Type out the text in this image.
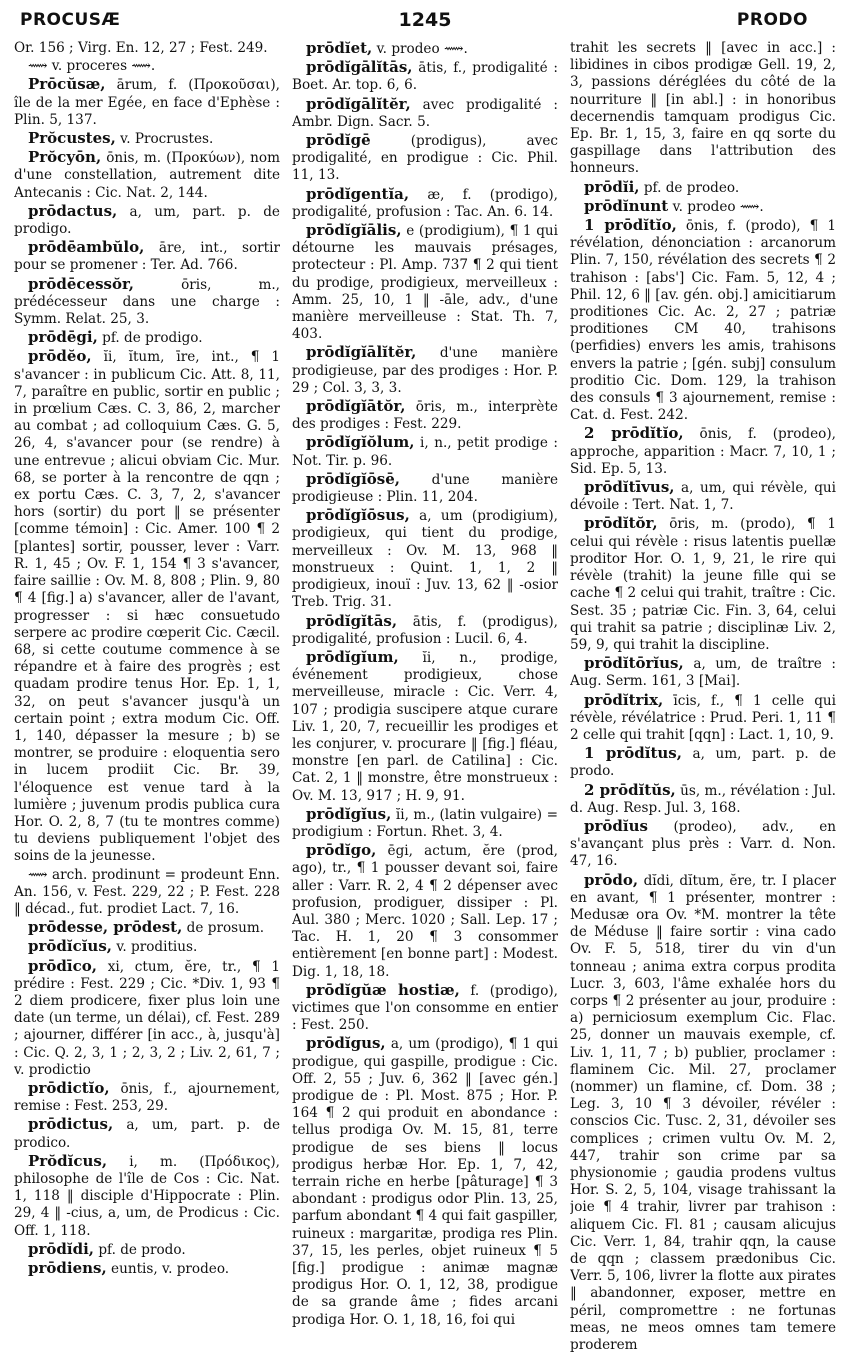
PROCUSÆ	1245	PRODO

Or. 156 ; Virg. En. 12, 27 ; Fest. 249.

⟿ v. proceres ⟿.

Prōcŭsæ, ārum, f. (Προκοῦσαι), île de la mer Egée, en face d'Ephèse : Plin. 5, 137.

Prŏcustes, v. Procrustes.

Prŏcyōn, ōnis, m. (Προκύων), nom d'une constellation, autrement dite Antecanis : Cic. Nat. 2, 144.

prōdactus, a, um, part. p. de prodigo.

prōdēambŭlo, āre, int., sortir pour se promener : Ter. Ad. 766.

prōdēcessŏr,	ōris, m., prédécesseur dans une charge : Symm. Relat. 25, 3.

prōdēgi, pf. de prodigo.

prōdĕo, ĭi, ĭtum, īre, int., ¶ 1 s'avancer : in publicum Cic. Att. 8, 11, 7, paraître en public, sortir en public ; in prœlium Cæs. C. 3, 86, 2, marcher au combat ; ad colloquium Cæs. G. 5, 26, 4, s'avancer pour (se rendre) à une entrevue ; alicui obviam Cic. Mur. 68, se porter à la rencontre de qqn ; ex portu Cæs. C. 3, 7, 2, s'avancer hors (sortir) du port ‖ se présenter [comme témoin] : Cic. Amer. 100 ¶ 2 [plantes] sortir, pousser, lever : Varr. R. 1, 45 ; Ov. F. 1, 154 ¶ 3 s'avancer, faire saillie : Ov. M. 8, 808 ; Plin. 9, 80 ¶ 4 [fig.] a) s'avancer, aller de l'avant, progresser : si hæc consuetudo serpere ac prodire cœperit Cic. Cæcil. 68, si cette coutume commence à se répandre et à faire des progrès ; est quadam prodire tenus Hor. Ep. 1, 1, 32, on peut s'avancer jusqu'à un certain point ; extra modum Cic. Off. 1, 140, dépasser la mesure ; b) se montrer, se produire : eloquentia sero in lucem prodiit Cic. Br. 39, l'éloquence est venue tard à la lumière ; juvenum prodis publica cura Hor. O. 2, 8, 7 (tu te montres comme) tu deviens publiquement l'objet des soins de la jeunesse.

⟿ arch. prodinunt = prodeunt Enn. An. 156, v. Fest. 229, 22 ; P. Fest. 228 ‖ décad., fut. prodiet Lact. 7, 16.

prōdesse, prōdest, de prosum.

prōdĭcĭus, v. proditius.

prōdīco, xi, ctum, ĕre, tr., ¶ 1 prédire : Fest. 229 ; Cic. *Div. 1, 93 ¶ 2 diem prodicere, fixer plus loin une date (un terme, un délai), cf. Fest. 289 ; ajourner, différer [in acc., à, jusqu'à] : Cic. Q. 2, 3, 1 ; 2, 3, 2 ; Liv. 2, 61, 7 ; v. prodictio

prōdictĭo, ōnis, f., ajournement, remise : Fest. 253, 29.

prōdictus, a, um, part. p. de prodico.

Prŏdĭcus, i, m. (Πρόδικος), philosophe de l'île de Cos : Cic. Nat. 1, 118 ‖ disciple d'Hippocrate : Plin. 29, 4 ‖ -cius, a, um, de Prodicus : Cic. Off. 1, 118.

prōdĭdi, pf. de prodo.

prōdiens, euntis, v. prodeo.

prōdĭet, v. prodeo ⟿.

prōdĭgālĭtās, ātis, f., prodigalité : Boet. Ar. top. 6, 6.

prōdĭgālĭtĕr, avec prodigalité : Ambr. Dign. Sacr. 5.

prōdĭgē	(prodigus), avec prodigalité, en prodigue : Cic. Phil. 11, 13.

prōdĭgentĭa, æ, f. (prodigo), prodigalité, profusion : Tac. An. 6. 14.

prōdĭgĭālis, e (prodigium), ¶ 1 qui détourne les mauvais présages, protecteur : Pl. Amp. 737 ¶ 2 qui tient du prodige, prodigieux, merveilleux : Amm. 25, 10, 1 ‖ -āle, adv., d'une manière merveilleuse : Stat. Th. 7, 403.

prōdĭgĭālĭtĕr, d'une manière prodigieuse, par des prodiges : Hor. P. 29 ; Col. 3, 3, 3.

prōdĭgĭātŏr, ōris, m., interprète des prodiges : Fest. 229.

prōdĭgĭŏlum, i, n., petit prodige : Not. Tir. p. 96.

prōdĭgĭōsē, d'une manière prodigieuse : Plin. 11, 204.

prōdĭgĭōsus, a, um (prodigium), prodigieux, qui tient du prodige, merveilleux : Ov. M. 13, 968 ‖ monstrueux : Quint. 1, 1, 2 ‖ prodigieux, inouï : Juv. 13, 62 ‖ -osior Treb. Trig. 31.

prōdĭgĭtās, ātis, f. (prodigus), prodigalité, profusion : Lucil. 6, 4.

prōdĭgĭum, ĭi, n., prodige, événement prodigieux, chose merveilleuse, miracle : Cic. Verr. 4, 107 ; prodigia suscipere atque curare Liv. 1, 20, 7, recueillir les prodiges et les conjurer, v. procurare ‖ [fig.] fléau, monstre [en parl. de Catilina] : Cic. Cat. 2, 1 ‖ monstre, être monstrueux : Ov. M. 13, 917 ; H. 9, 91.

prōdĭgĭus, ĭi, m., (latin vulgaire) = prodigium : Fortun. Rhet. 3, 4.

prōdĭgo, ēgi, actum, ĕre (prod, ago), tr., ¶ 1 pousser devant soi, faire aller : Varr. R. 2, 4 ¶ 2 dépenser avec profusion, prodiguer, dissiper : Pl. Aul. 380 ; Merc. 1020 ; Sall. Lep. 17 ; Tac. H. 1, 20 ¶ 3 consommer entièrement [en bonne part] : Modest. Dig. 1, 18, 18.

prōdĭgŭæ hostiæ, f. (prodigo), victimes que l'on consomme en entier : Fest. 250.

prōdĭgus, a, um (prodigo), ¶ 1 qui prodigue, qui gaspille, prodigue : Cic. Off. 2, 55 ; Juv. 6, 362 ‖ [avec gén.] prodigue de : Pl. Most. 875 ; Hor. P. 164 ¶ 2 qui produit en abondance : tellus prodiga Ov. M. 15, 81, terre prodigue de ses biens ‖ locus prodigus herbæ Hor. Ep. 1, 7, 42, terrain riche en herbe [pâturage] ¶ 3 abondant : prodigus odor Plin. 13, 25, parfum abondant ¶ 4 qui fait gaspiller, ruineux : margaritæ, prodiga res Plin. 37, 15, les perles, objet ruineux ¶ 5 [fig.] prodigue : animæ magnæ prodigus Hor. O. 1, 12, 38, prodigue de sa grande âme ; fides arcani prodiga Hor. O. 1, 18, 16, foi qui

trahit les secrets ‖ [avec in acc.] : libidines in cibos prodigæ Gell. 19, 2, 3, passions déréglées du côté de la nourriture ‖ [in abl.] : in honoribus decernendis tamquam prodigus Cic. Ep. Br. 1, 15, 3, faire en qq sorte du gaspillage dans l'attribution des honneurs.

prōdĭi, pf. de prodeo.

prōdĭnunt v. prodeo ⟿.

1 prōdĭtĭo, ōnis, f. (prodo), ¶ 1 révélation, dénonciation : arcanorum Plin. 7, 150, révélation des secrets ¶ 2 trahison : [abs'] Cic. Fam. 5, 12, 4 ; Phil. 12, 6 ‖ [av. gén. obj.] amicitiarum proditiones Cic. Ac. 2, 27 ; patriæ proditiones CM 40, trahisons (perfidies) envers les amis, trahisons envers la patrie ; [gén. subj] consulum proditio Cic. Dom. 129, la trahison des consuls ¶ 3 ajournement, remise : Cat. d. Fest. 242.

2 prōdĭtĭo, ōnis, f. (prodeo), approche, apparition : Macr. 7, 10, 1 ; Sid. Ep. 5, 13.

prōdĭtīvus, a, um, qui révèle, qui dévoile : Tert. Nat. 1, 7.

prōdĭtŏr, ōris, m. (prodo), ¶ 1 celui qui révèle : risus latentis puellæ proditor Hor. O. 1, 9, 21, le rire qui révèle (trahit) la jeune fille qui se cache ¶ 2 celui qui trahit, traître : Cic. Sest. 35 ; patriæ Cic. Fin. 3, 64, celui qui trahit sa patrie ; disciplinæ Liv. 2, 59, 9, qui trahit la discipline.

prōdĭtōrĭus, a, um, de traître : Aug. Serm. 161, 3 [Mai].

prōdĭtrix, īcis, f., ¶ 1 celle qui révèle, révélatrice : Prud. Peri. 1, 11 ¶ 2 celle qui trahit [qqn] : Lact. 1, 10, 9.

1 prōdĭtus, a, um, part. p. de prodo.

2 prōdĭtŭs, ūs, m., révélation : Jul. d. Aug. Resp. Jul. 3, 168.

prōdĭus (prodeo), adv., en s'avançant plus près : Varr. d. Non. 47, 16.

prōdo, dĭdi, dĭtum, ĕre, tr. I placer en avant, ¶ 1 présenter, montrer : Medusæ ora Ov. *M. montrer la tête de Méduse ‖ faire sortir : vina cado Ov. F. 5, 518, tirer du vin d'un tonneau ; anima extra corpus prodita Lucr. 3, 603, l'âme exhalée hors du corps ¶ 2 présenter au jour, produire : a) perniciosum exemplum Cic. Flac. 25, donner un mauvais exemple, cf. Liv. 1, 11, 7 ; b) publier, proclamer : flaminem Cic. Mil. 27, proclamer (nommer) un flamine, cf. Dom. 38 ; Leg. 3, 10 ¶ 3 dévoiler, révéler : conscios Cic. Tusc. 2, 31, dévoiler ses complices ; crimen vultu Ov. M. 2, 447, trahir son crime par sa physionomie ; gaudia prodens vultus Hor. S. 2, 5, 104, visage trahissant la joie ¶ 4 trahir, livrer par trahison : aliquem Cic. Fl. 81 ; causam alicujus Cic. Verr. 1, 84, trahir qqn, la cause de qqn ; classem prædonibus Cic. Verr. 5, 106, livrer la flotte aux pirates ‖ abandonner, exposer, mettre en péril, compromettre : ne fortunas meas, ne meos omnes tam temere proderem
